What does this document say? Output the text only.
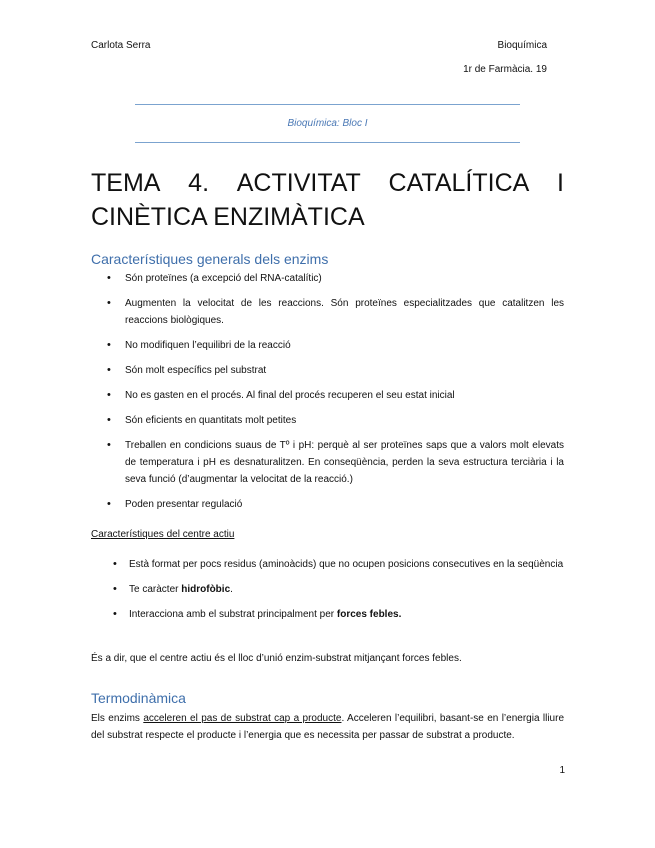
Carlota Serra	Bioquímica
1r de Farmàcia. 19
Bioquímica: Bloc I
TEMA 4. ACTIVITAT CATALÍTICA I
CINÈTICA ENZIMÀTICA
Característiques generals dels enzims
• Són proteïnes (a excepció del RNA-catalític)
• Augmenten la velocitat de les reaccions. Són proteïnes especialitzades que catalitzen les reaccions biològiques.
• No modifiquen l’equilibri de la reacció
• Són molt específics pel substrat
• No es gasten en el procés. Al final del procés recuperen el seu estat inicial
• Són eficients en quantitats molt petites
• Treballen en condicions suaus de Tº i pH: perquè al ser proteïnes saps que a valors molt elevats de temperatura i pH es desnaturalitzen. En conseqüència, perden la seva estructura terciària i la seva funció (d’augmentar la velocitat de la reacció.)
• Poden presentar regulació
Característiques del centre actiu
• Està format per pocs residus (aminoàcids) que no ocupen posicions consecutives en la seqüència
• Te caràcter hidrofòbic.
• Interacciona amb el substrat principalment per forces febles.
És a dir, que el centre actiu és el lloc d’unió enzim-substrat mitjançant forces febles.
Termodinàmica
Els enzims acceleren el pas de substrat cap a producte. Acceleren l’equilibri, basant-se en l’energia lliure del substrat respecte el producte i l’energia que es necessita per passar de substrat a producte.
1
